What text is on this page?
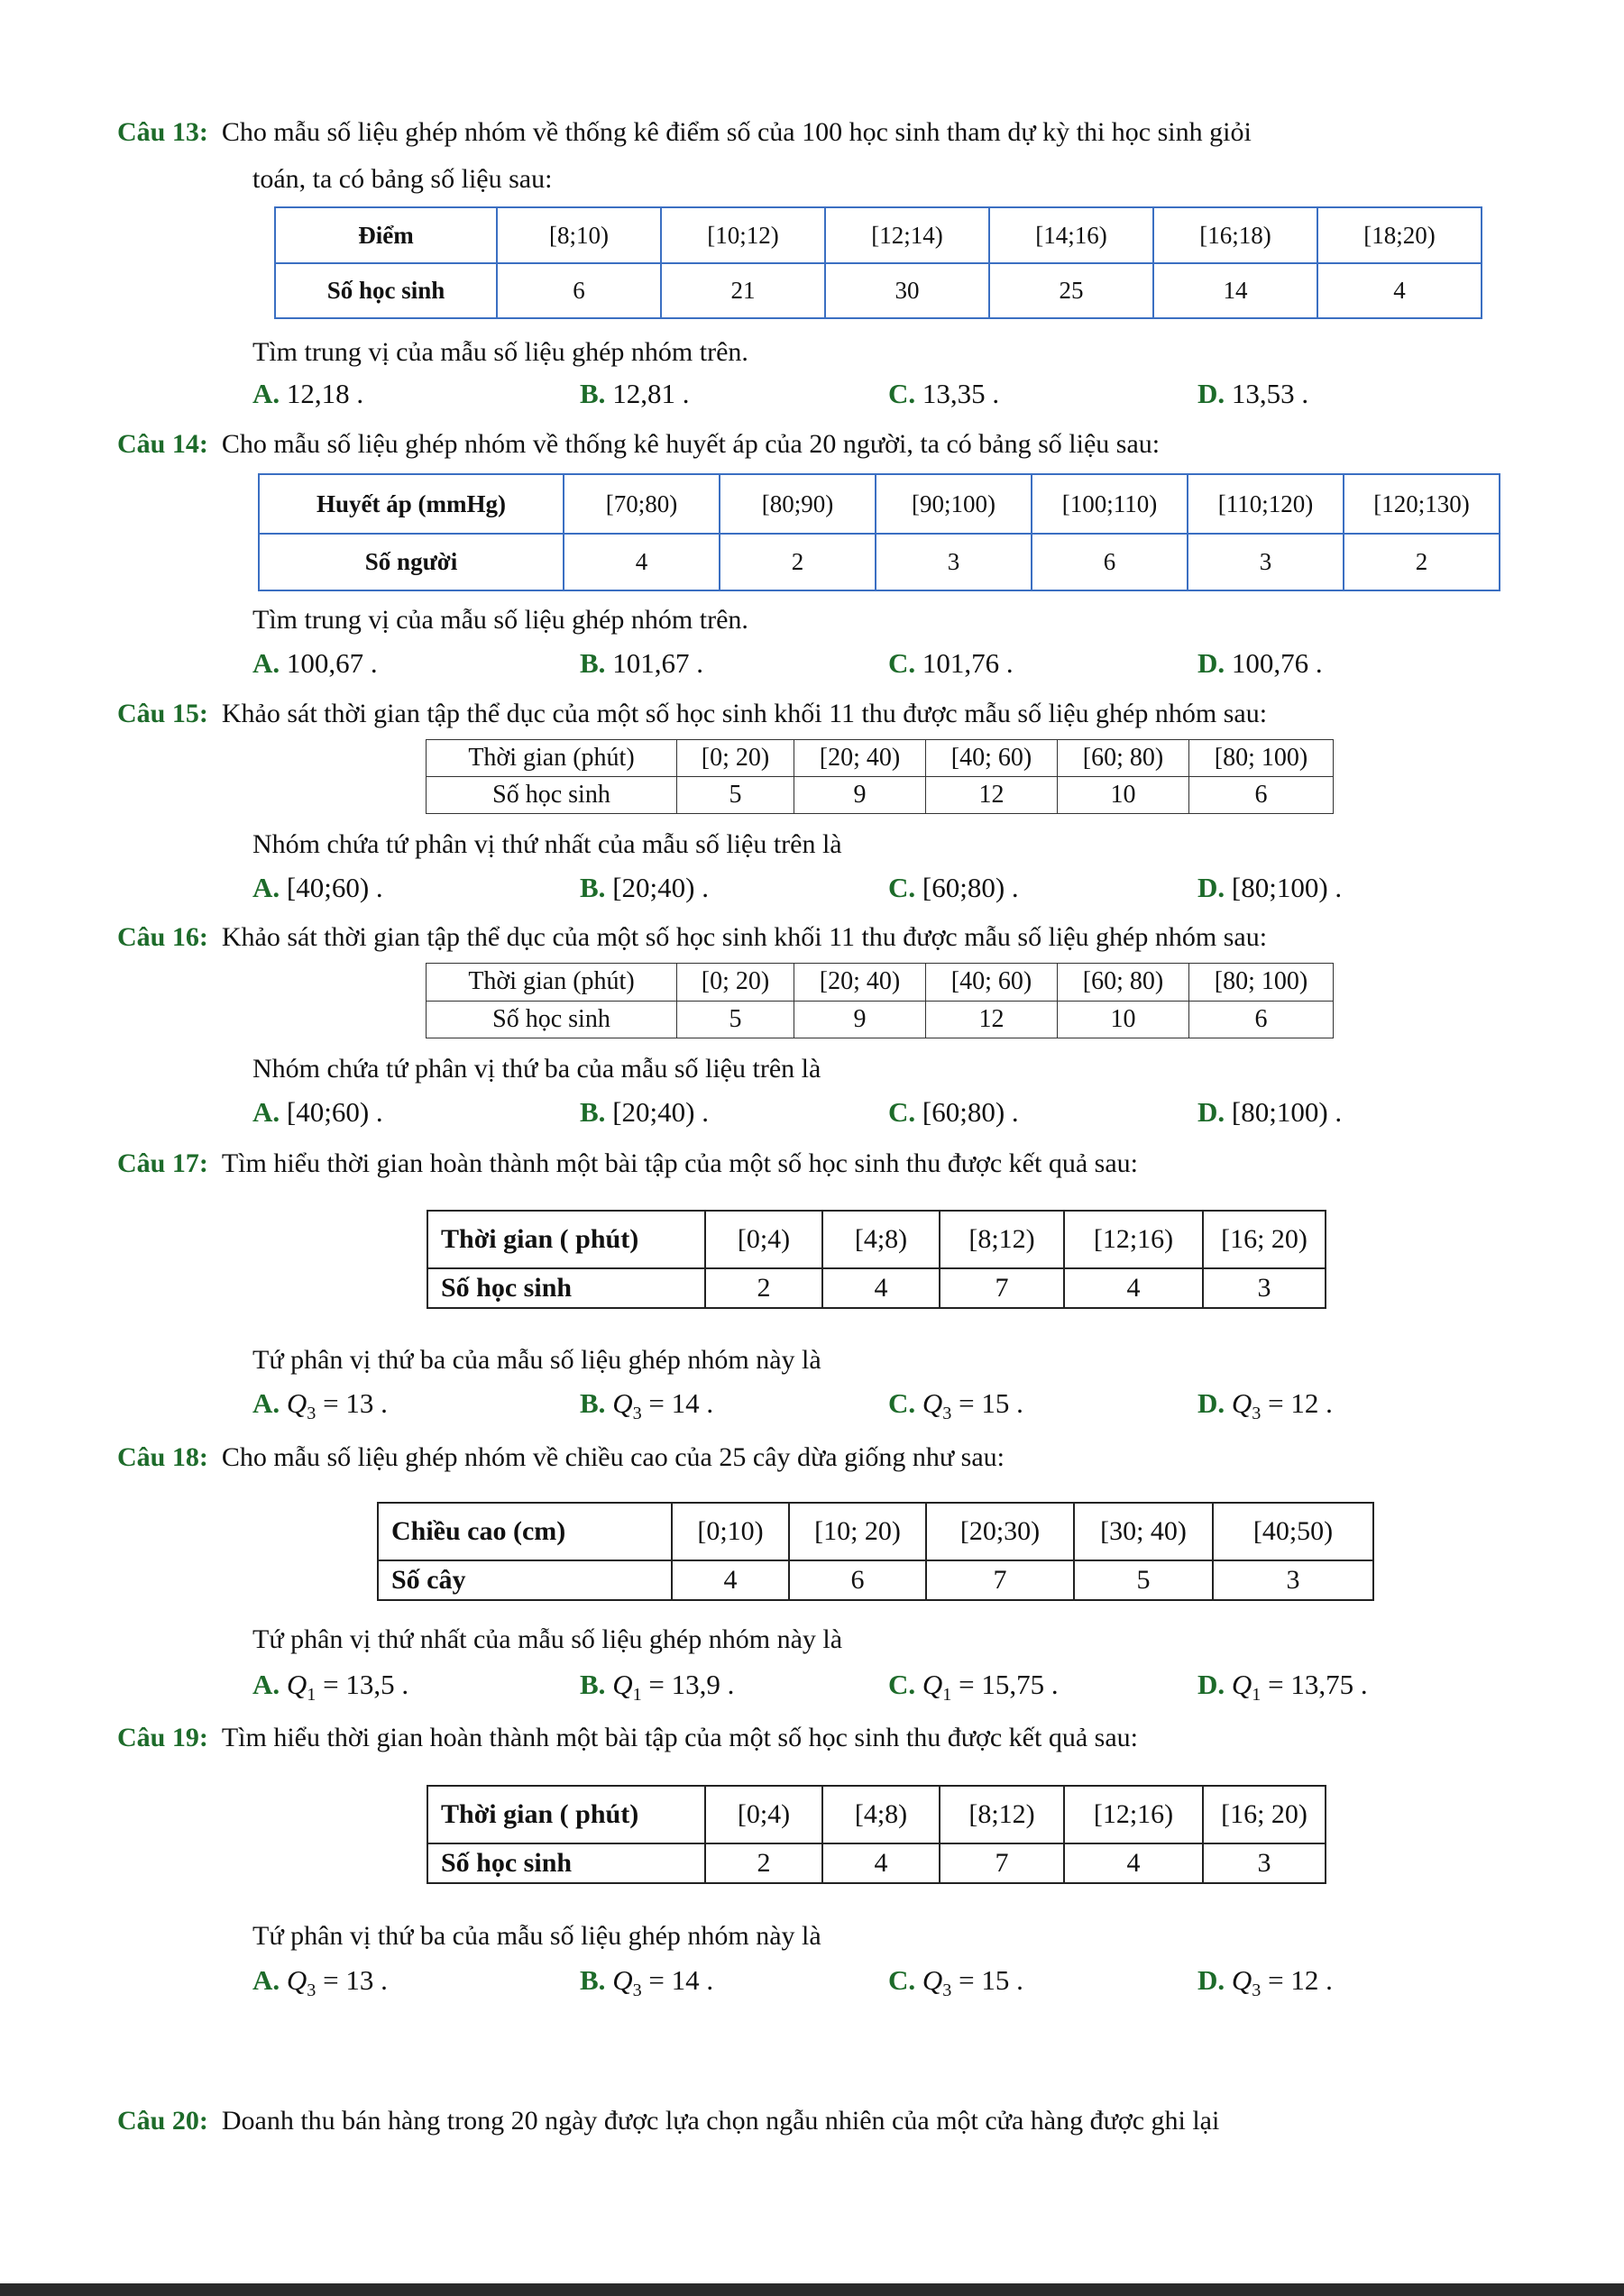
Câu 13: Cho mẫu số liệu ghép nhóm về thống kê điểm số của 100 học sinh tham dự kỳ thi học sinh giỏi
toán, ta có bảng số liệu sau:
Điểm	[8;10)	[10;12)	[12;14)	[14;16)	[16;18)	[18;20)
Số học sinh	6	21	30	25	14	4
Tìm trung vị của mẫu số liệu ghép nhóm trên.
A. 12,18 .	B. 12,81 .	C. 13,35 .	D. 13,53 .
Câu 14: Cho mẫu số liệu ghép nhóm về thống kê huyết áp của 20 người, ta có bảng số liệu sau:
Huyết áp (mmHg)	[70;80)	[80;90)	[90;100)	[100;110)	[110;120)	[120;130)
Số người	4	2	3	6	3	2
Tìm trung vị của mẫu số liệu ghép nhóm trên.
A. 100,67 .	B. 101,67 .	C. 101,76 .	D. 100,76 .
Câu 15: Khảo sát thời gian tập thể dục của một số học sinh khối 11 thu được mẫu số liệu ghép nhóm sau:
Thời gian (phút)	[0; 20)	[20; 40)	[40; 60)	[60; 80)	[80; 100)
Số học sinh	5	9	12	10	6
Nhóm chứa tứ phân vị thứ nhất của mẫu số liệu trên là
A. [40;60) .	B. [20;40) .	C. [60;80) .	D. [80;100) .
Câu 16: Khảo sát thời gian tập thể dục của một số học sinh khối 11 thu được mẫu số liệu ghép nhóm sau:
Thời gian (phút)	[0; 20)	[20; 40)	[40; 60)	[60; 80)	[80; 100)
Số học sinh	5	9	12	10	6
Nhóm chứa tứ phân vị thứ ba của mẫu số liệu trên là
A. [40;60) .	B. [20;40) .	C. [60;80) .	D. [80;100) .
Câu 17: Tìm hiểu thời gian hoàn thành một bài tập của một số học sinh thu được kết quả sau:
Thời gian ( phút)	[0;4)	[4;8)	[8;12)	[12;16)	[16; 20)
Số học sinh	2	4	7	4	3
Tứ phân vị thứ ba của mẫu số liệu ghép nhóm này là
A. $Q_3 = 13$ .	B. $Q_3 = 14$ .	C. $Q_3 = 15$ .	D. $Q_3 = 12$ .
Câu 18: Cho mẫu số liệu ghép nhóm về chiều cao của 25 cây dừa giống như sau:
Chiều cao (cm)	[0;10)	[10; 20)	[20;30)	[30; 40)	[40;50)
Số cây	4	6	7	5	3
Tứ phân vị thứ nhất của mẫu số liệu ghép nhóm này là
A. $Q_1 = 13,5$ .	B. $Q_1 = 13,9$ .	C. $Q_1 = 15,75$ .	D. $Q_1 = 13,75$ .
Câu 19: Tìm hiểu thời gian hoàn thành một bài tập của một số học sinh thu được kết quả sau:
Thời gian ( phút)	[0;4)	[4;8)	[8;12)	[12;16)	[16; 20)
Số học sinh	2	4	7	4	3
Tứ phân vị thứ ba của mẫu số liệu ghép nhóm này là
A. $Q_3 = 13$ .	B. $Q_3 = 14$ .	C. $Q_3 = 15$ .	D. $Q_3 = 12$ .
Câu 20: Doanh thu bán hàng trong 20 ngày được lựa chọn ngẫu nhiên của một cửa hàng được ghi lại
